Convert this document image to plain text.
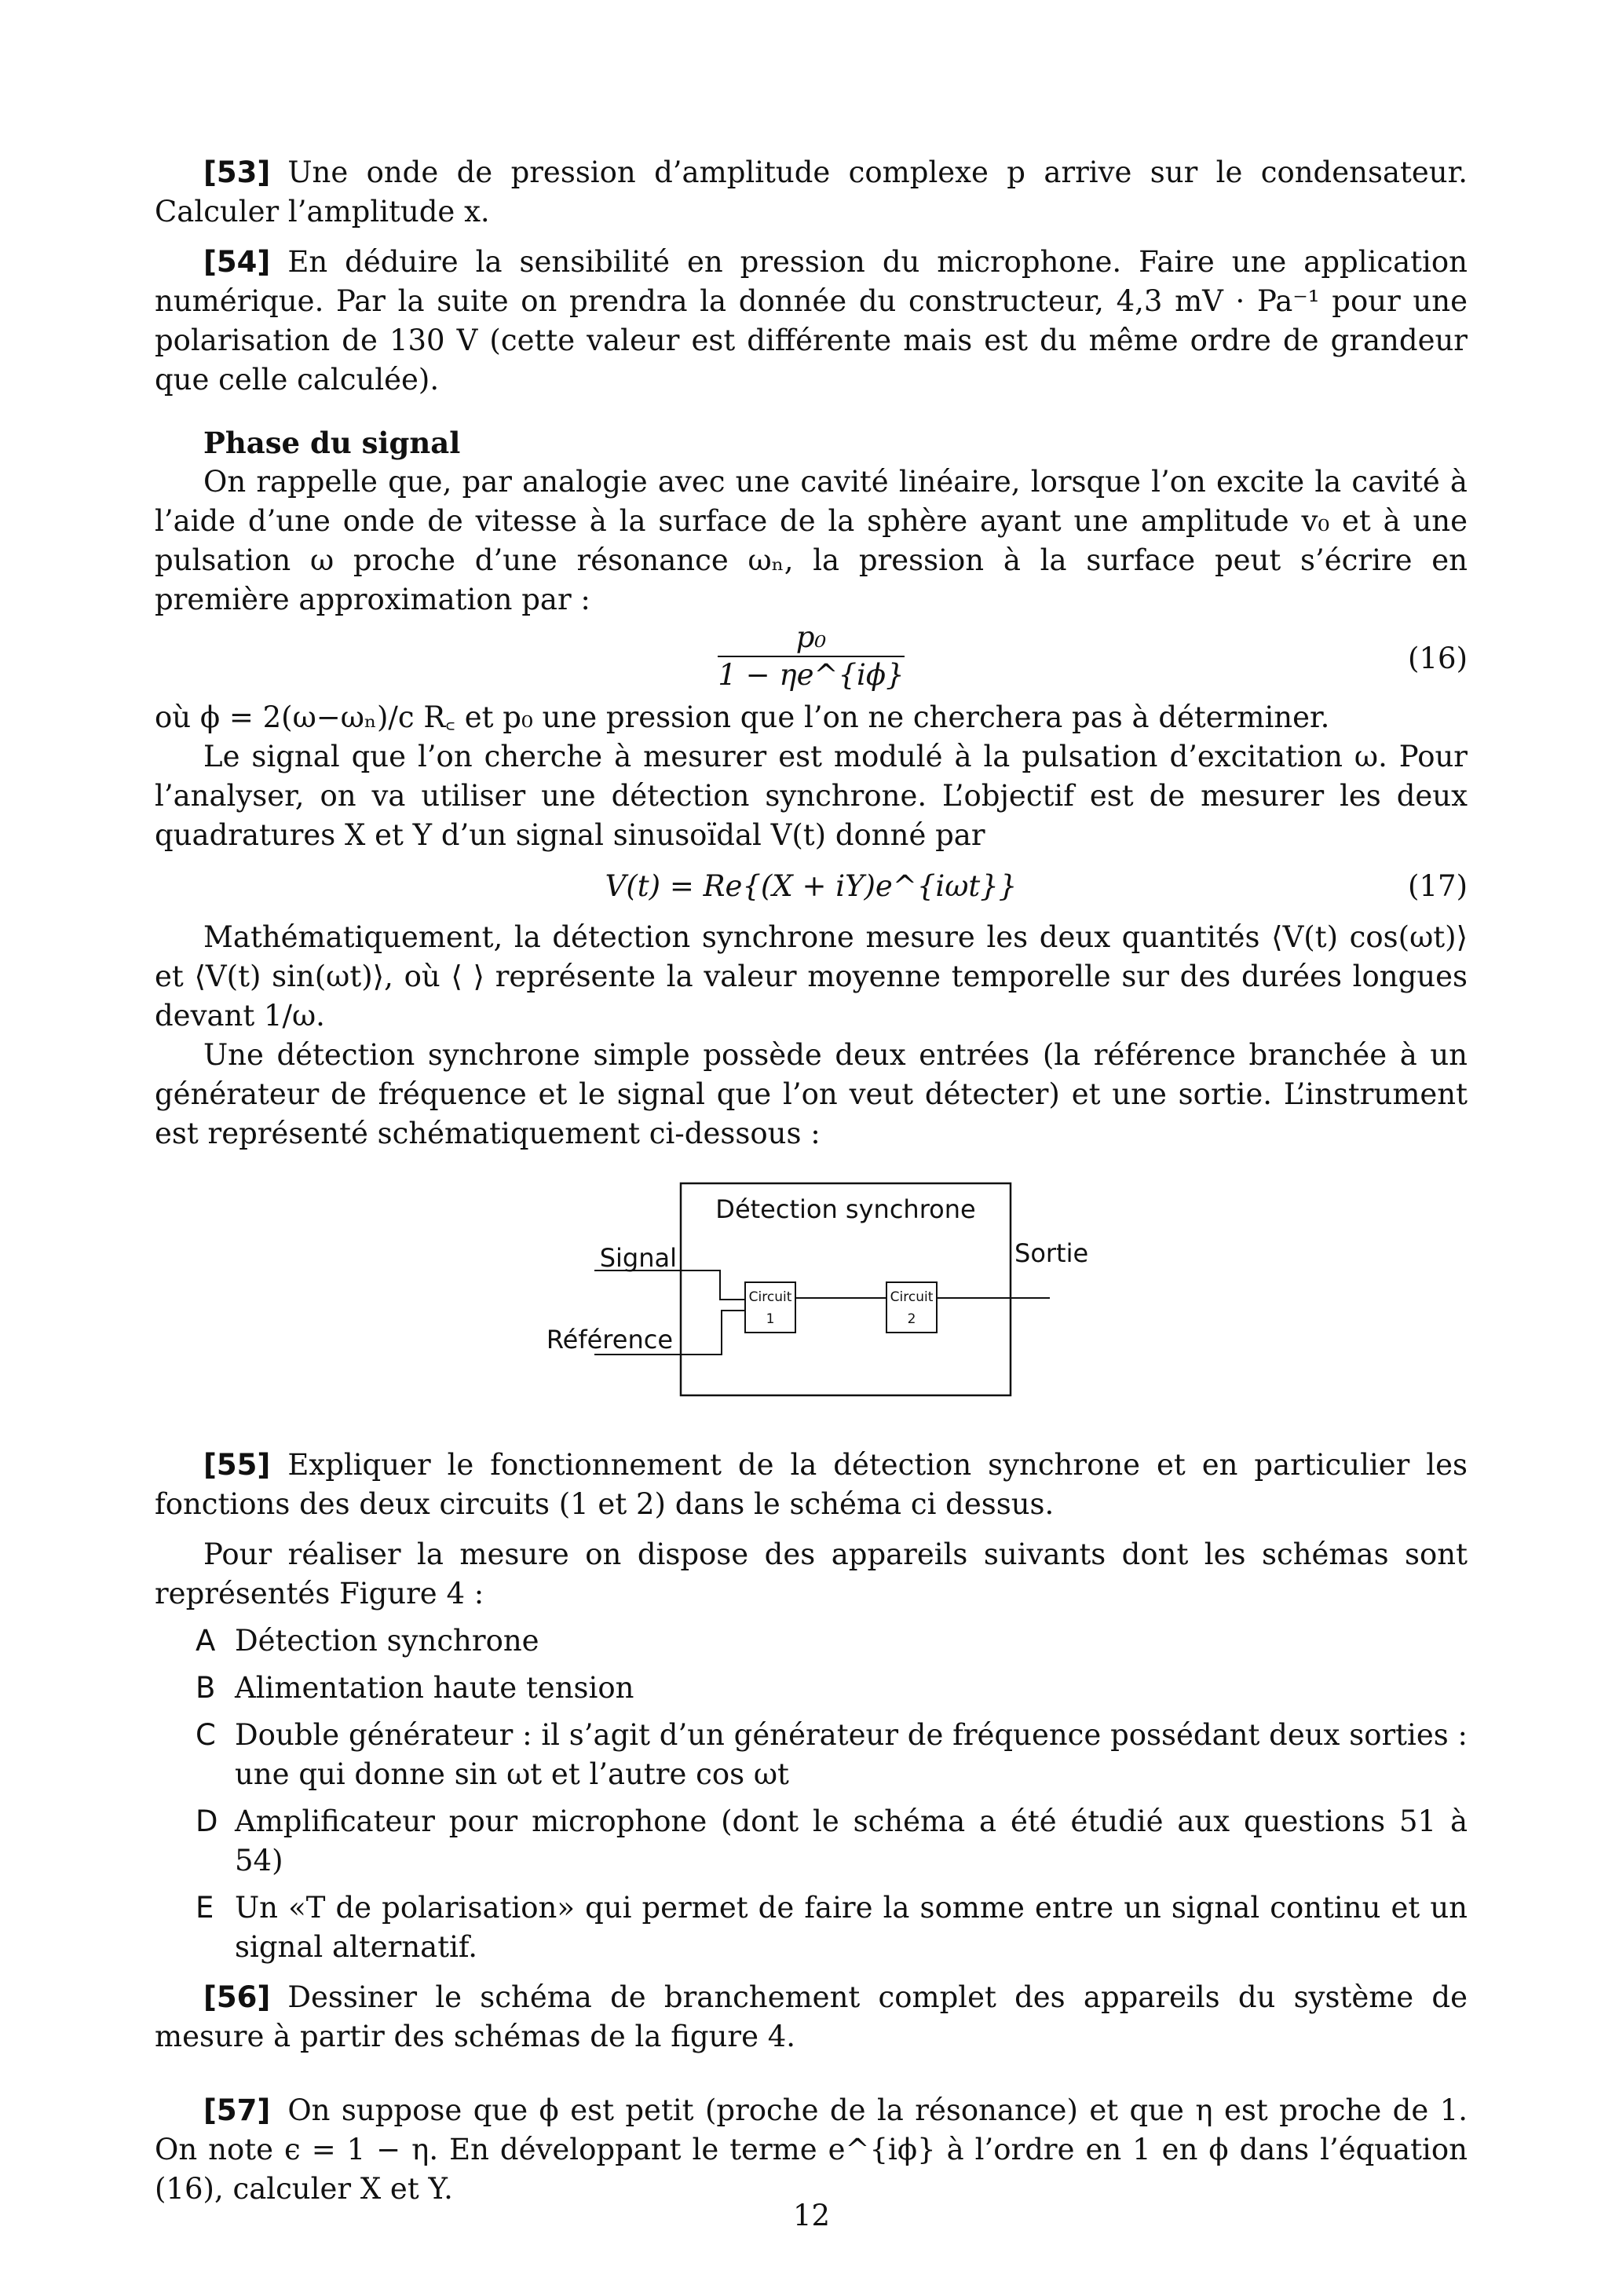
[53] Une onde de pression d’amplitude complexe p arrive sur le condensateur. Calculer l’amplitude x.

[54] En déduire la sensibilité en pression du microphone. Faire une application numérique. Par la suite on prendra la donnée du constructeur, 4,3 mV · Pa⁻¹ pour une polarisation de 130 V (cette valeur est différente mais est du même ordre de grandeur que celle calculée).

Phase du signal

On rappelle que, par analogie avec une cavité linéaire, lorsque l’on excite la cavité à l’aide d’une onde de vitesse à la surface de la sphère ayant une amplitude v₀ et à une pulsation ω proche d’une résonance ωₙ, la pression à la surface peut s’écrire en première approximation par :

$\frac{\text{p₀}}{1 - \eta e\^{}\{i\phi\}}$	(16)

où ϕ = 2(ω−ωₙ)/c R꜀ et p₀ une pression que l’on ne cherchera pas à déterminer.

Le signal que l’on cherche à mesurer est modulé à la pulsation d’excitation ω. Pour l’analyser, on va utiliser une détection synchrone. L’objectif est de mesurer les deux quadratures X et Y d’un signal sinusoïdal V(t) donné par

V(t) = Re{(X + iY)e^{iωt}}	(17)

Mathématiquement, la détection synchrone mesure les deux quantités ⟨V(t) cos(ωt)⟩ et ⟨V(t) sin(ωt)⟩, où ⟨ ⟩ représente la valeur moyenne temporelle sur des durées longues devant 1/ω.

Une détection synchrone simple possède deux entrées (la référence branchée à un générateur de fréquence et le signal que l’on veut détecter) et une sortie. L’instrument est représenté schématiquement ci-dessous :

Détection synchrone
Signal
Référence
Sortie
Circuit
1
Circuit
2

[55] Expliquer le fonctionnement de la détection synchrone et en particulier les fonctions des deux circuits (1 et 2) dans le schéma ci dessus.

Pour réaliser la mesure on dispose des appareils suivants dont les schémas sont représentés Figure 4 :

A Détection synchrone
B Alimentation haute tension
C Double générateur : il s’agit d’un générateur de fréquence possédant deux sorties : une qui donne sin ωt et l’autre cos ωt
D Amplificateur pour microphone (dont le schéma a été étudié aux questions 51 à 54)
E Un «T de polarisation» qui permet de faire la somme entre un signal continu et un signal alternatif.

[56] Dessiner le schéma de branchement complet des appareils du système de mesure à partir des schémas de la figure 4.

[57] On suppose que ϕ est petit (proche de la résonance) et que η est proche de 1. On note ϵ = 1 − η. En développant le terme e^{iϕ} à l’ordre en 1 en ϕ dans l’équation (16), calculer X et Y.

12
